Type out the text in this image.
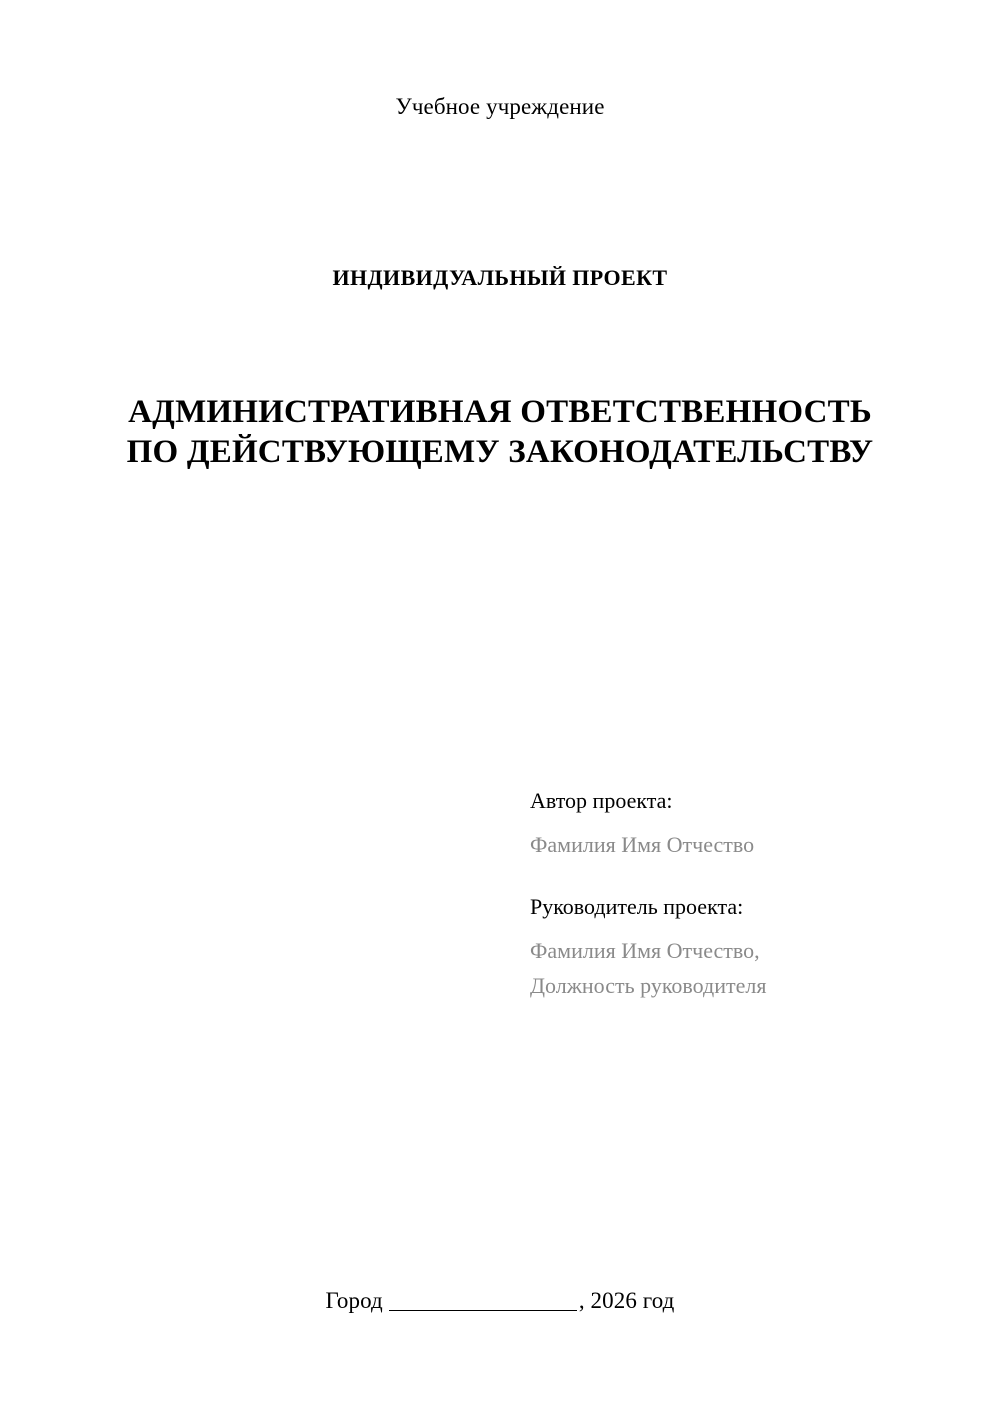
Учебное учреждение
ИНДИВИДУАЛЬНЫЙ ПРОЕКТ
АДМИНИСТРАТИВНАЯ ОТВЕТСТВЕННОСТЬ ПО ДЕЙСТВУЮЩЕМУ ЗАКОНОДАТЕЛЬСТВУ
Автор проекта:
Фамилия Имя Отчество
Руководитель проекта:
Фамилия Имя Отчество,
Должность руководителя
Город	, 2026 год
